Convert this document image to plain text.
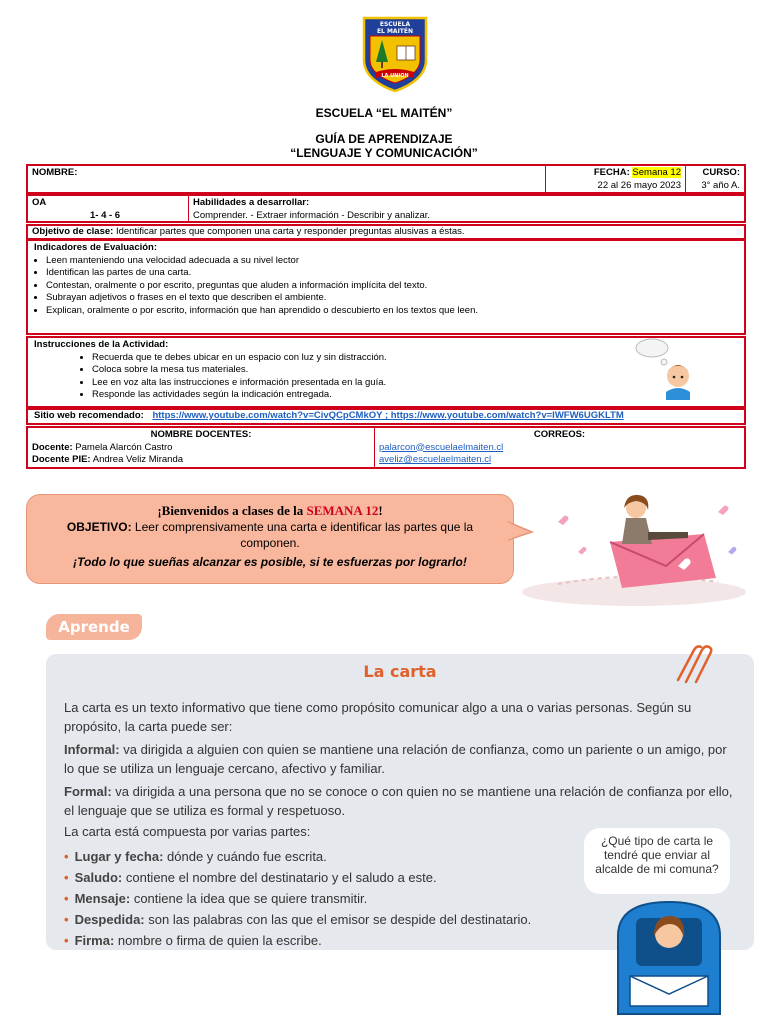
ESCUELA
EL MAITÉN
LA UNION
ESCUELA “EL MAITÉN”
GUÍA DE APRENDIZAJE
“LENGUAJE Y COMUNICACIÓN”
NOMBRE:	FECHA: Semana 12
22 al 26 mayo 2023
CURSO:
3° año A.
OA
1- 4 - 6
Habilidades a desarrollar:
Comprender. - Extraer información - Describir y analizar.
Objetivo de clase: Identificar partes que componen una carta y responder preguntas alusivas a éstas.
Indicadores de Evaluación:
• Leen manteniendo una velocidad adecuada a su nivel lector
• Identifican las partes de una carta.
• Contestan, oralmente o por escrito, preguntas que aluden a información implícita del texto.
• Subrayan adjetivos o frases en el texto que describen el ambiente.
• Explican, oralmente o por escrito, información que han aprendido o descubierto en los textos que leen.
Instrucciones de la Actividad:
• Recuerda que te debes ubicar en un espacio con luz y sin distracción.
• Coloca sobre la mesa tus materiales.
• Lee en voz alta las instrucciones e información presentada en la guía.
• Responde las actividades según la indicación entregada.
Sitio web recomendado: https://www.youtube.com/watch?v=CivQCpCMkOY ; https://www.youtube.com/watch?v=IWFW6UGKLTM
NOMBRE DOCENTES:
Docente: Pamela Alarcón Castro
Docente PIE: Andrea Veliz Miranda
CORREOS:
palarcon@escuelaelmaiten.cl
aveliz@escuelaelmaiten.cl
¡Bienvenidos a clases de la SEMANA 12!
OBJETIVO: Leer comprensivamente una carta e identificar las partes que la componen.
¡Todo lo que sueñas alcanzar es posible, si te esfuerzas por lograrlo!
Aprende
La carta
La carta es un texto informativo que tiene como propósito comunicar algo a una o varias personas. Según su propósito, la carta puede ser:
Informal: va dirigida a alguien con quien se mantiene una relación de confianza, como un pariente o un amigo, por lo que se utiliza un lenguaje cercano, afectivo y familiar.
Formal: va dirigida a una persona que no se conoce o con quien no se mantiene una relación de confianza por ello, el lenguaje que se utiliza es formal y respetuoso.
La carta está compuesta por varias partes:
• Lugar y fecha: dónde y cuándo fue escrita.
• Saludo: contiene el nombre del destinatario y el saludo a este.
• Mensaje: contiene la idea que se quiere transmitir.
• Despedida: son las palabras con las que el emisor se despide del destinatario.
• Firma: nombre o firma de quien la escribe.
¿Qué tipo de carta le tendré que enviar al alcalde de mi comuna?
